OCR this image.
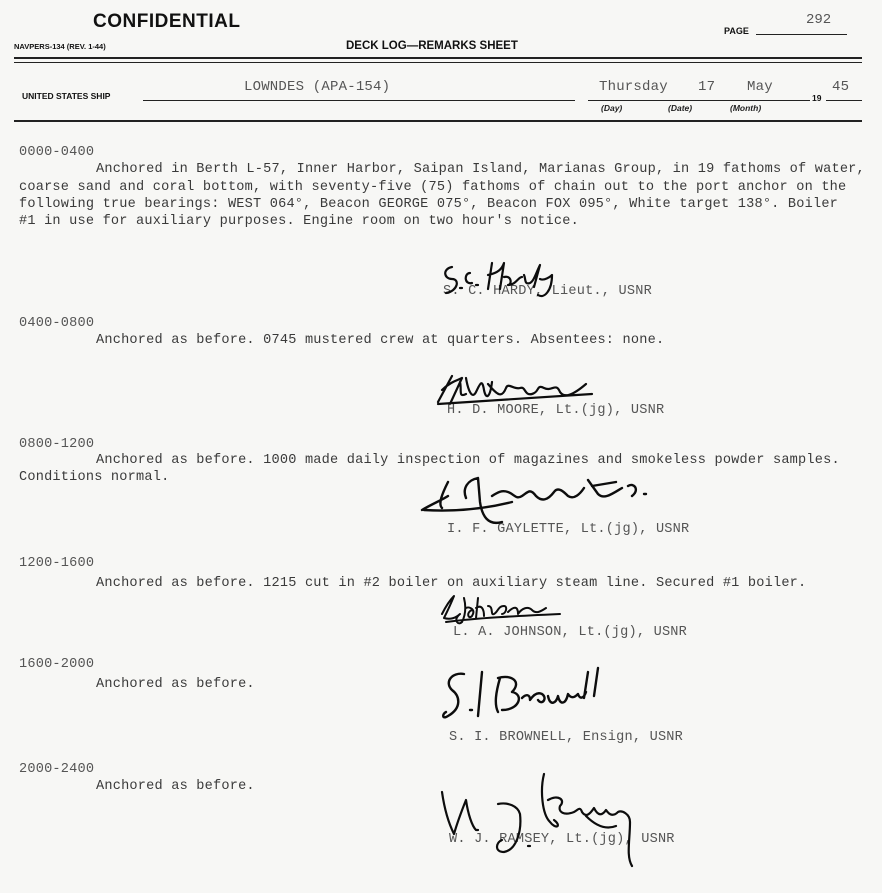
CONFIDENTIAL	PAGE
292
NAVPERS-134 (REV. 1-44)	DECK LOG—REMARKS SHEET
UNITED STATES SHIP
LOWNDES (APA-154)	Thursday 17 May	45
19
(Day)	(Date)	(Month)
0000-0400
Anchored in Berth L-57, Inner Harbor, Saipan Island, Marianas Group, in 19 fathoms of water,
coarse sand and coral bottom, with seventy-five (75) fathoms of chain out to the port anchor on the
following true bearings: WEST 064°, Beacon GEORGE 075°, Beacon FOX 095°, White target 138°. Boiler
#1 in use for auxiliary purposes. Engine room on two hour's notice.
S. C. HARDY, Lieut., USNR
0400-0800
Anchored as before. 0745 mustered crew at quarters. Absentees: none.
H. D. MOORE, Lt.(jg), USNR
0800-1200
Anchored as before. 1000 made daily inspection of magazines and smokeless powder samples.
Conditions normal.
I. F. GAYLETTE, Lt.(jg), USNR
1200-1600
Anchored as before. 1215 cut in #2 boiler on auxiliary steam line. Secured #1 boiler.
L. A. JOHNSON, Lt.(jg), USNR
1600-2000
Anchored as before.
S. I. BROWNELL, Ensign, USNR
2000-2400
Anchored as before.
W. J. RAMSEY, Lt.(jg), USNR
